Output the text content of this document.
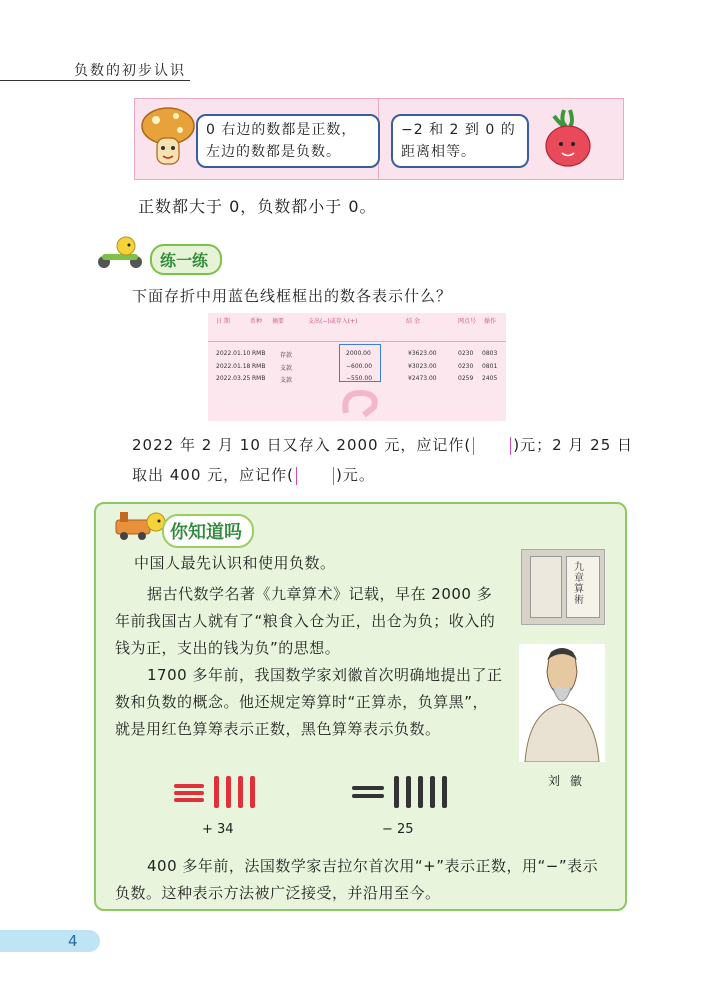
负数的初步认识
0 右边的数都是正数，
左边的数都是负数。
−2 和 2 到 0 的
距离相等。
正数都大于 0，负数都小于 0。
练一练
下面存折中用蓝色线框框出的数各表示什么？
日 期	币种 摘要	支出(−)或存入(+)	结 余	网点号 操作
2022.01.10 RMB 存款	2000.00	¥3623.00	0230 0803
2022.01.18 RMB 支款	−600.00	¥3023.00	0230 0801
2022.03.25 RMB 支款	−550.00	¥2473.00	0259 2405
2022 年 2 月 10 日又存入 2000 元，应记作(	)元；2 月 25 日
取出 400 元，应记作(	)元。
你知道吗
中国人最先认识和使用负数。
据古代数学名著《九章算术》记载，早在 2000 多年前我国古人就有了“粮食入仓为正，出仓为负；收入的钱为正，支出的钱为负”的思想。
1700 多年前，我国数学家刘徽首次明确地提出了正数和负数的概念。他还规定筹算时“正算赤，负算黑”，就是用红色算筹表示正数，黑色算筹表示负数。
九章算術
刘 徽
+ 34	− 25
400 多年前，法国数学家吉拉尔首次用“+”表示正数，用“−”表示负数。这种表示方法被广泛接受，并沿用至今。
4
